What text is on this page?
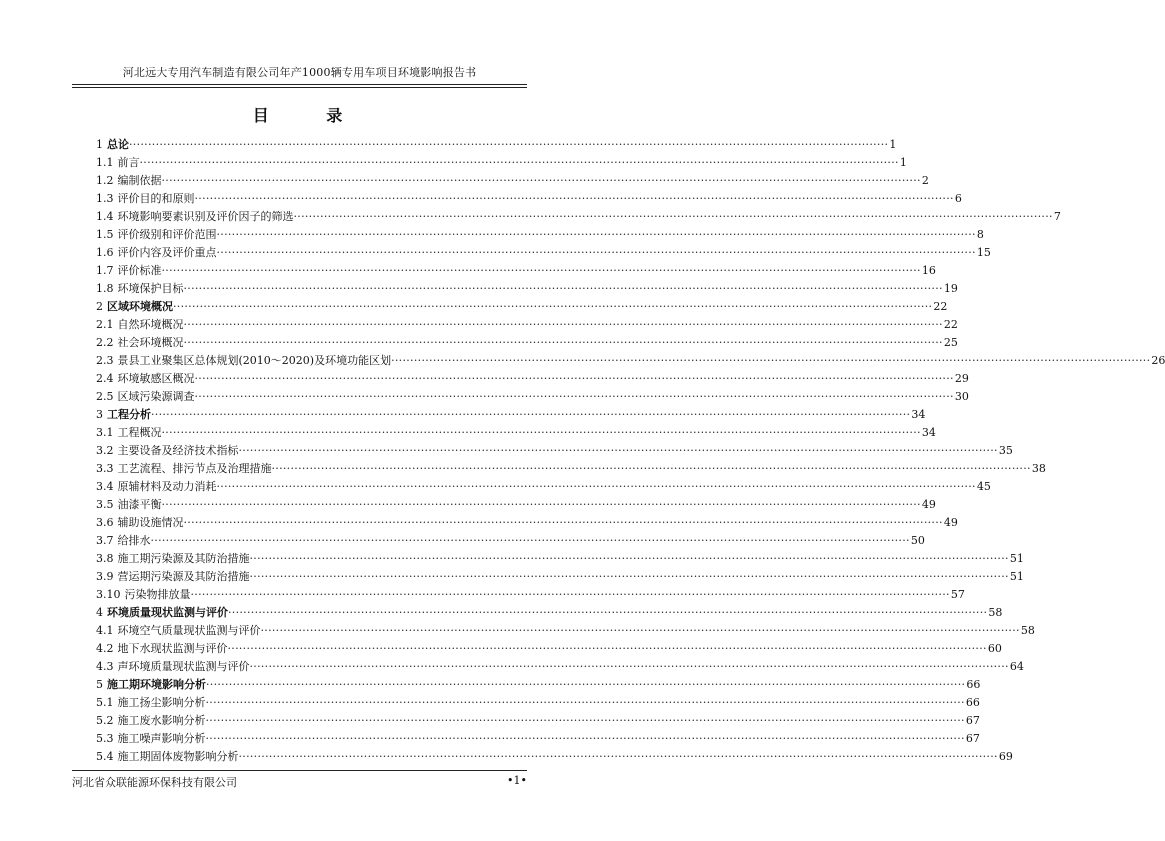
河北远大专用汽车制造有限公司年产1000辆专用车项目环境影响报告书
目 录
1 总论 ········································································································································································································ 1
1.1 前言 ········································································································································································································ 1
1.2 编制依据 ········································································································································································································ 2
1.3 评价目的和原则 ········································································································································································································ 6
1.4 环境影响要素识别及评价因子的筛选 ········································································································································································································ 7
1.5 评价级别和评价范围 ········································································································································································································ 8
1.6 评价内容及评价重点 ········································································································································································································ 15
1.7 评价标准 ········································································································································································································ 16
1.8 环境保护目标 ········································································································································································································ 19
2 区域环境概况 ········································································································································································································ 22
2.1 自然环境概况 ········································································································································································································ 22
2.2 社会环境概况 ········································································································································································································ 25
2.3 景县工业聚集区总体规划(2010～2020)及环境功能区划 ········································································································································································································ 26
2.4 环境敏感区概况 ········································································································································································································ 29
2.5 区域污染源调查 ········································································································································································································ 30
3 工程分析 ········································································································································································································ 34
3.1 工程概况 ········································································································································································································ 34
3.2 主要设备及经济技术指标 ········································································································································································································ 35
3.3 工艺流程、排污节点及治理措施 ········································································································································································································ 38
3.4 原辅材料及动力消耗 ········································································································································································································ 45
3.5 油漆平衡 ········································································································································································································ 49
3.6 辅助设施情况 ········································································································································································································ 49
3.7 给排水 ········································································································································································································ 50
3.8 施工期污染源及其防治措施 ········································································································································································································ 51
3.9 营运期污染源及其防治措施 ········································································································································································································ 51
3.10 污染物排放量 ········································································································································································································ 57
4 环境质量现状监测与评价 ········································································································································································································ 58
4.1 环境空气质量现状监测与评价 ········································································································································································································ 58
4.2 地下水现状监测与评价 ········································································································································································································ 60
4.3 声环境质量现状监测与评价 ········································································································································································································ 64
5 施工期环境影响分析 ········································································································································································································ 66
5.1 施工扬尘影响分析 ········································································································································································································ 66
5.2 施工废水影响分析 ········································································································································································································ 67
5.3 施工噪声影响分析 ········································································································································································································ 67
5.4 施工期固体废物影响分析 ········································································································································································································ 69
河北省众联能源环保科技有限公司	•1•
